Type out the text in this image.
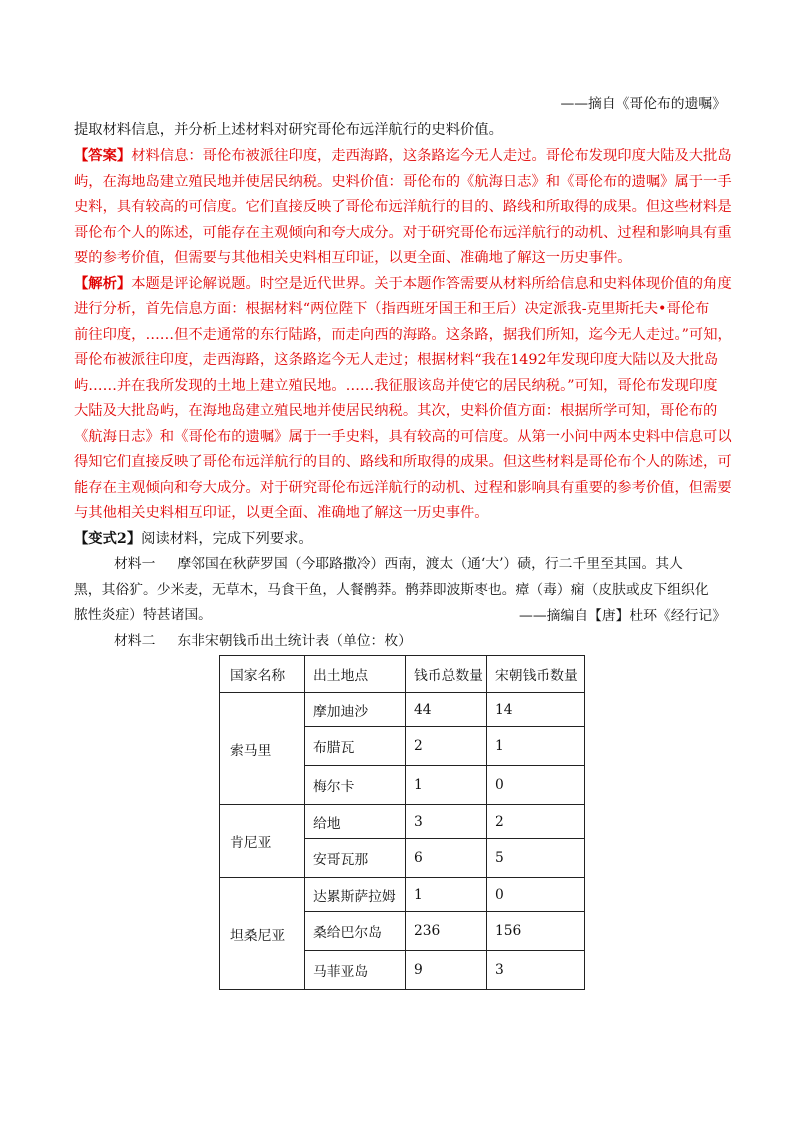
——摘自《哥伦布的遗嘱》
提取材料信息，并分析上述材料对研究哥伦布远洋航行的史料价值。
【答案】材料信息：哥伦布被派往印度，走西海路，这条路迄今无人走过。哥伦布发现印度大陆及大批岛
屿，在海地岛建立殖民地并使居民纳税。史料价值：哥伦布的《航海日志》和《哥伦布的遗嘱》属于一手
史料，具有较高的可信度。它们直接反映了哥伦布远洋航行的目的、路线和所取得的成果。但这些材料是
哥伦布个人的陈述，可能存在主观倾向和夸大成分。对于研究哥伦布远洋航行的动机、过程和影响具有重
要的参考价值，但需要与其他相关史料相互印证，以更全面、准确地了解这一历史事件。
【解析】本题是评论解说题。时空是近代世界。关于本题作答需要从材料所给信息和史料体现价值的角度
进行分析，首先信息方面：根据材料“两位陛下（指西班牙国王和王后）决定派我-克里斯托夫•哥伦布
前往印度，……但不走通常的东行陆路，而走向西的海路。这条路，据我们所知，迄今无人走过。”可知，
哥伦布被派往印度，走西海路，这条路迄今无人走过；根据材料“我在1492年发现印度大陆以及大批岛
屿……并在我所发现的土地上建立殖民地。……我征服该岛并使它的居民纳税。”可知，哥伦布发现印度
大陆及大批岛屿，在海地岛建立殖民地并使居民纳税。其次，史料价值方面：根据所学可知，哥伦布的
《航海日志》和《哥伦布的遗嘱》属于一手史料，具有较高的可信度。从第一小问中两本史料中信息可以
得知它们直接反映了哥伦布远洋航行的目的、路线和所取得的成果。但这些材料是哥伦布个人的陈述，可
能存在主观倾向和夸大成分。对于研究哥伦布远洋航行的动机、过程和影响具有重要的参考价值，但需要
与其他相关史料相互印证，以更全面、准确地了解这一历史事件。
【变式2】阅读材料，完成下列要求。
材料一 摩邻国在秋萨罗国（今耶路撒冷）西南，渡太（通‘大’）碛，行二千里至其国。其人
黑，其俗犷。少米麦，无草木，马食干鱼，人餐鹘莽。鹘莽即波斯枣也。瘴（毒）痫（皮肤或皮下组织化
脓性炎症）特甚诸国。	——摘编自【唐】杜环《经行记》
材料二 东非宋朝钱币出土统计表（单位：枚）
国家名称	出土地点	钱币总数量	宋朝钱币数量
索马里	摩加迪沙	44	14
	布腊瓦	2	1
	梅尔卡	1	0
肯尼亚	给地	3	2
	安哥瓦那	6	5
坦桑尼亚	达累斯萨拉姆	1	0
	桑给巴尔岛	236	156
	马菲亚岛	9	3
